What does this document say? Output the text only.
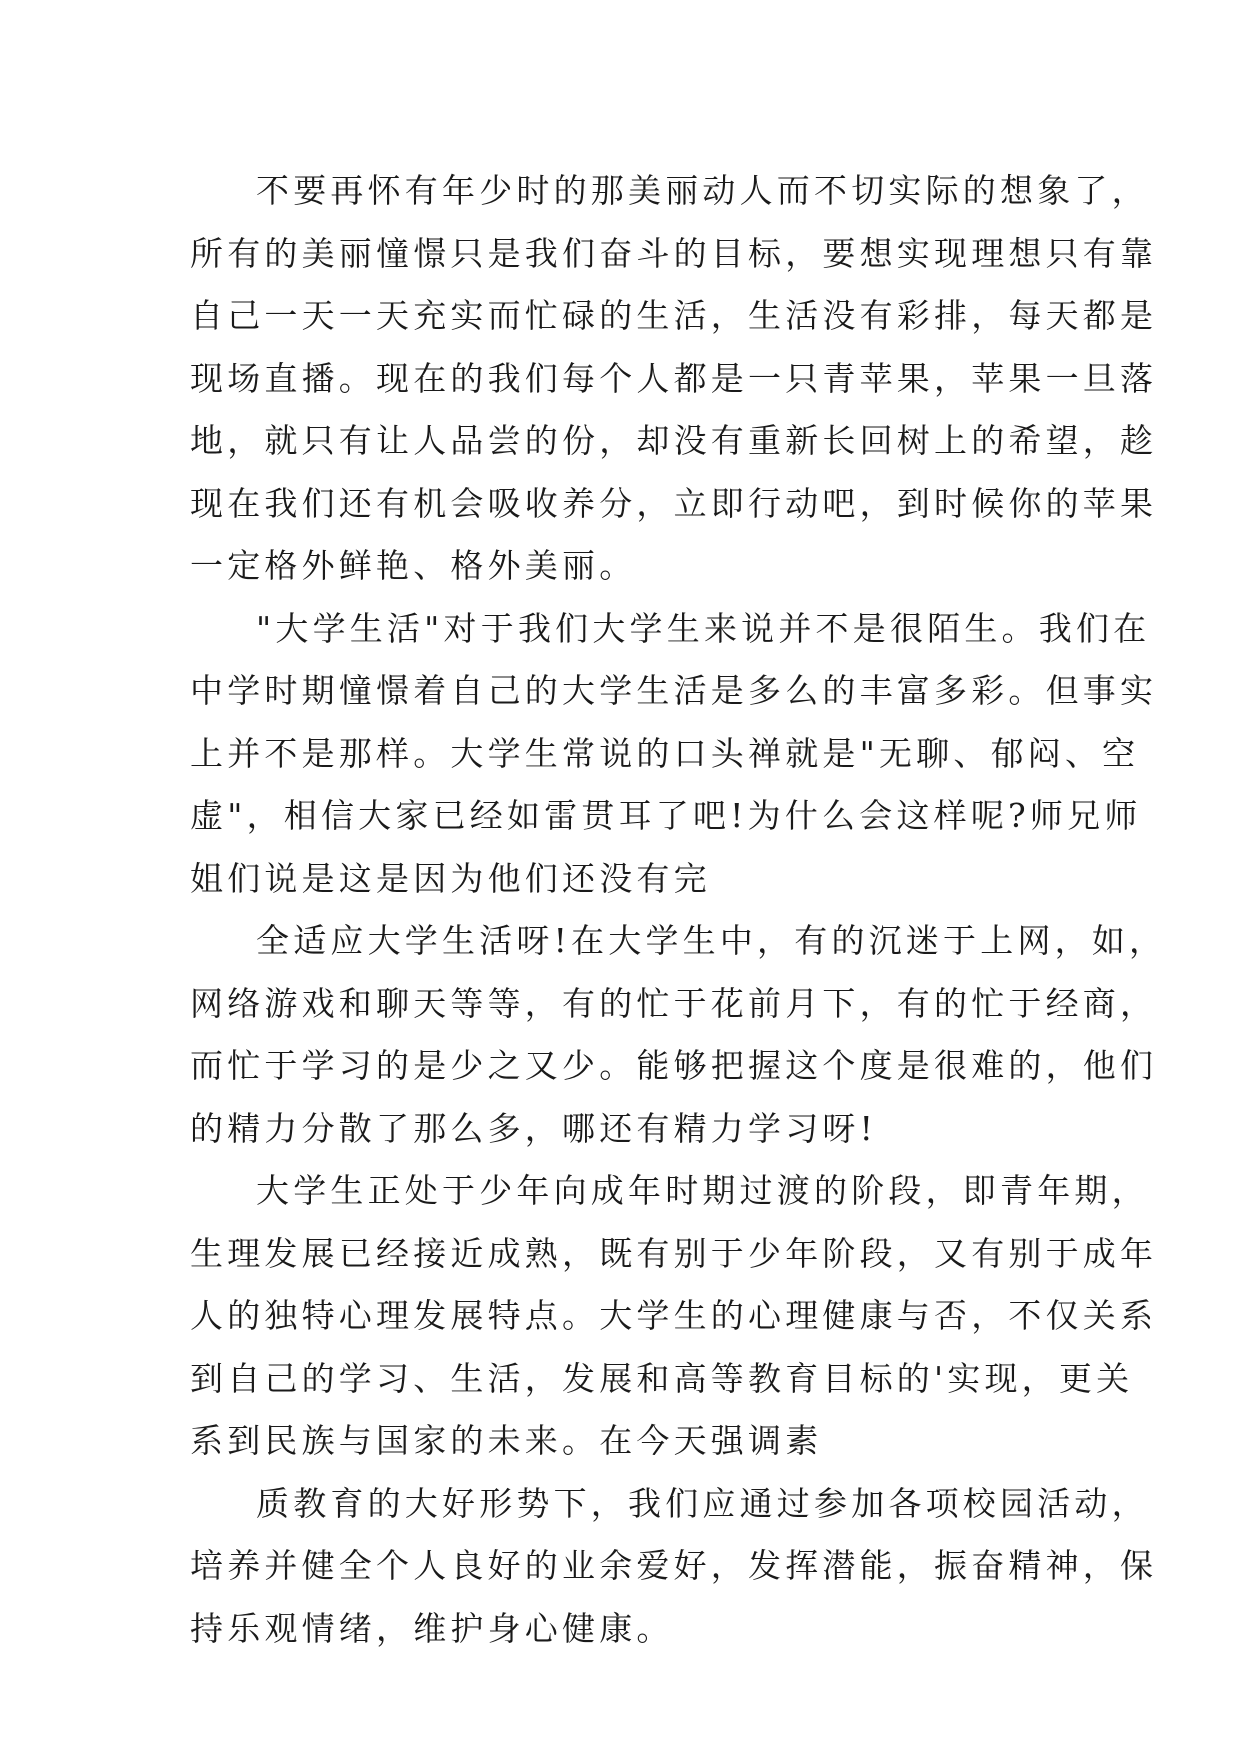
不要再怀有年少时的那美丽动人而不切实际的想象了，
所有的美丽憧憬只是我们奋斗的目标，要想实现理想只有靠
自己一天一天充实而忙碌的生活，生活没有彩排，每天都是
现场直播。现在的我们每个人都是一只青苹果，苹果一旦落
地，就只有让人品尝的份，却没有重新长回树上的希望，趁
现在我们还有机会吸收养分，立即行动吧，到时候你的苹果
一定格外鲜艳、格外美丽。
"大学生活"对于我们大学生来说并不是很陌生。我们在
中学时期憧憬着自己的大学生活是多么的丰富多彩。但事实
上并不是那样。大学生常说的口头禅就是"无聊、郁闷、空
虚"，相信大家已经如雷贯耳了吧!为什么会这样呢?师兄师
姐们说是这是因为他们还没有完
全适应大学生活呀!在大学生中，有的沉迷于上网，如，
网络游戏和聊天等等，有的忙于花前月下，有的忙于经商，
而忙于学习的是少之又少。能够把握这个度是很难的，他们
的精力分散了那么多，哪还有精力学习呀!
大学生正处于少年向成年时期过渡的阶段，即青年期，
生理发展已经接近成熟，既有别于少年阶段，又有别于成年
人的独特心理发展特点。大学生的心理健康与否，不仅关系
到自己的学习、生活，发展和高等教育目标的'实现，更关
系到民族与国家的未来。在今天强调素
质教育的大好形势下，我们应通过参加各项校园活动，
培养并健全个人良好的业余爱好，发挥潜能，振奋精神，保
持乐观情绪，维护身心健康。
